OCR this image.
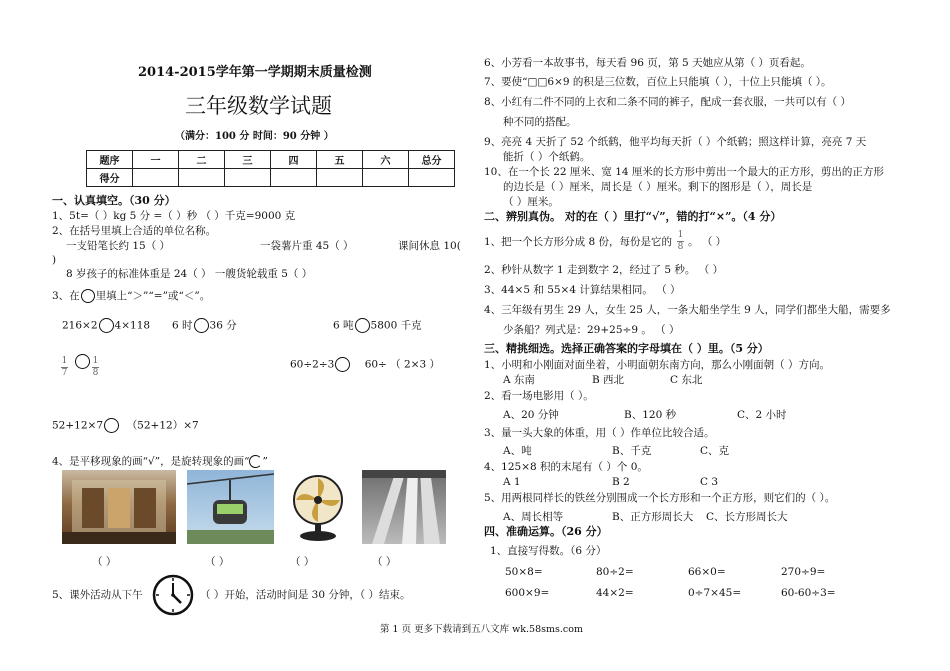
2014-2015学年第一学期期末质量检测
三年级数学试题
（满分：100 分 时间：90 分钟 ）
题序	一	二	三	四	五	六	总分
得分							
一、认真填空。（30 分）
1、5t=（ ）kg 5 分 =（ ）秒 （ ）千克=9000 克
2、在括号里填上合适的单位名称。
一支铅笔长约 15（ ）	一袋薯片重 45（ ）	课间休息 10(
)
8 岁孩子的标准体重是 24（ ） 一艘货轮载重 5（ ）
3、在 里填上“＞”“=”或“＜”。
216×2 4×118 6 时 36 分	6 吨 5800 千克
1
7
1
8
60÷2÷3	60÷ （ 2×3 ）
52+12×7 （52+12）×7
4、是平移现象的画“√”，是旋转现象的画“ ”
（ ）	（ ）	（ ）	（ ）
5、课外活动从下午	（ ）开始，活动时间是 30 分钟，（ ）结束。
6、小芳看一本故事书，每天看 96 页，第 5 天她应从第（ ）页看起。
7、要使“□□6×9 的积是三位数，百位上只能填（ ），十位上只能填（ ）。
8、小红有二件不同的上衣和二条不同的裤子，配成一套衣服，一共可以有（ ）
种不同的搭配。
9、亮亮 4 天折了 52 个纸鹤，他平均每天折（ ）个纸鹤；照这样计算，亮亮 7 天
能折（ ）个纸鹤。
10、在一个长 22 厘米、宽 14 厘米的长方形中剪出一个最大的正方形，剪出的正方形
的边长是（ ）厘米，周长是（ ）厘米。剩下的图形是（ ），周长是
（ ）厘米。
二、辨别真伪。 对的在（ ）里打“√”，错的打“×”。（4 分）
1、把一个长方形分成 8 份，每份是它的
1
8 。 （ ）
2、秒针从数字 1 走到数字 2，经过了 5 秒。 （ ）
3、44×5 和 55×4 计算结果相同。 （ ）
4、三年级有男生 29 人，女生 25 人，一条大船坐学生 9 人，同学们都坐大船，需要多
少条船？列式是：29+25÷9 。 （ ）
三、精挑细选。选择正确答案的字母填在（ ）里。（5 分）
1、小明和小刚面对面坐着，小明面朝东南方向，那么小刚面朝（ ）方向。
A 东南	B 西北	C 东北
2、看一场电影用（ ）。
A、20 分钟	B、120 秒	C、2 小时
3、量一头大象的体重，用（ ）作单位比较合适。
A、吨	B、千克	C、克
4、125×8 积的末尾有（ ）个 0。
A 1	B 2	C 3
5、用两根同样长的铁丝分别围成一个长方形和一个正方形，则它们的（ ）。
A、周长相等	B、正方形周长大 C、长方形周长大
四、准确运算。（26 分）
1、直接写得数。（6 分）
50×8=	80÷2=	66×0=	270÷9=
600×9=	44×2=	0÷7×45=	60-60÷3=
第 1 页 更多下载请到五八文库 wk.58sms.com
